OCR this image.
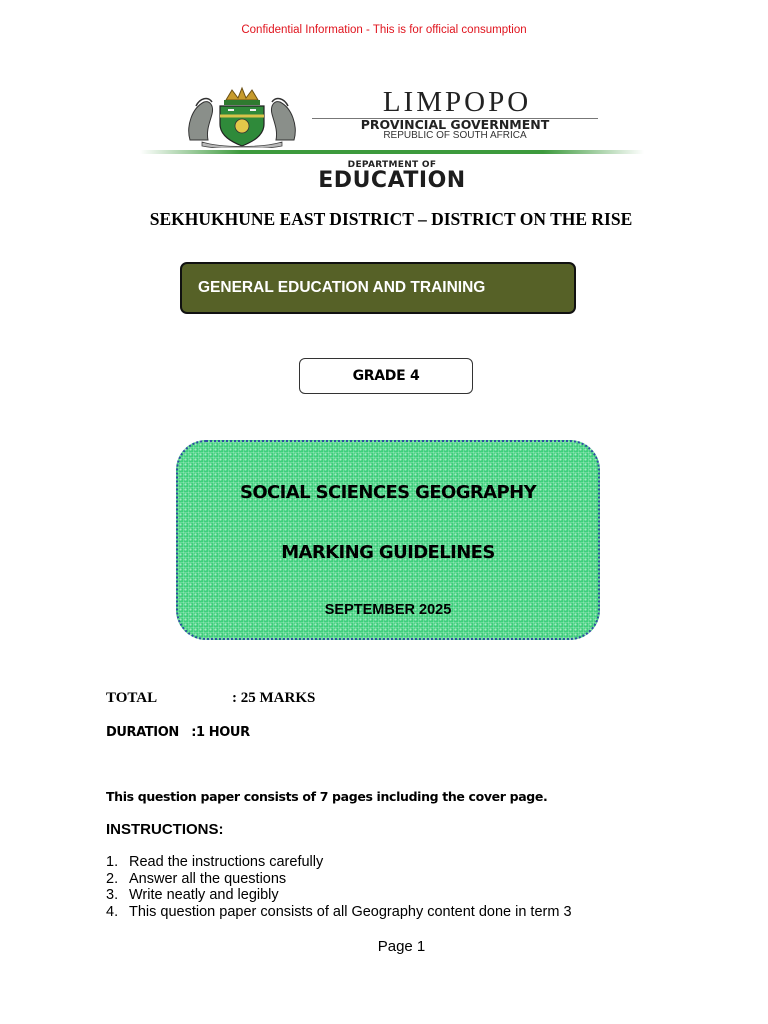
Confidential Information - This is for official consumption
LIMPOPO
PROVINCIAL GOVERNMENT
REPUBLIC OF SOUTH AFRICA
DEPARTMENT OF
EDUCATION
SEKHUKHUNE EAST DISTRICT – DISTRICT ON THE RISE
GENERAL EDUCATION AND TRAINING
GRADE 4
SOCIAL SCIENCES GEOGRAPHY
MARKING GUIDELINES
SEPTEMBER 2025
TOTAL	: 25 MARKS
DURATION   :1 HOUR
This question paper consists of 7 pages including the cover page.
INSTRUCTIONS:
1. Read the instructions carefully
2. Answer all the questions
3. Write neatly and legibly
4. This question paper consists of all Geography content done in term 3
Page 1
